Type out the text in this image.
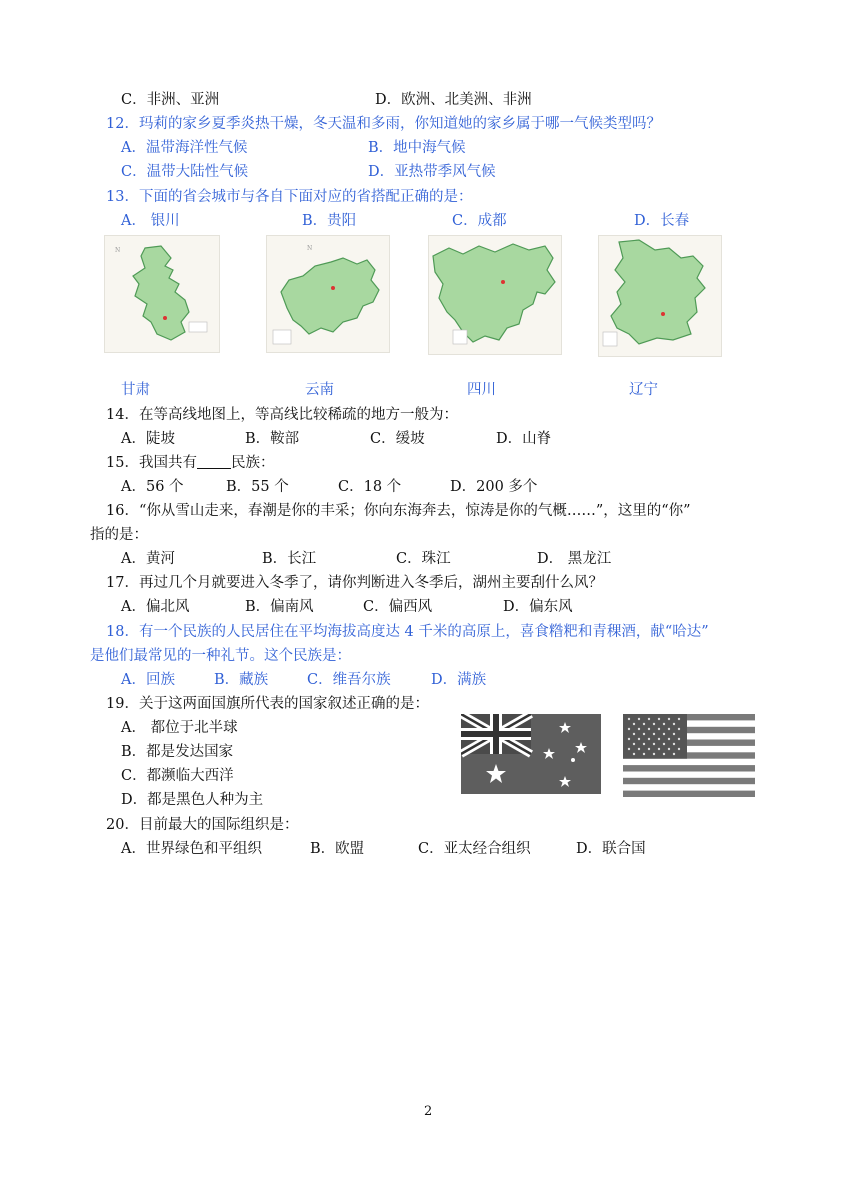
C．非洲、亚洲	D．欧洲、北美洲、非洲
12．玛莉的家乡夏季炎热干燥，冬天温和多雨，你知道她的家乡属于哪一气候类型吗？
A．温带海洋性气候	B．地中海气候
C．温带大陆性气候	D．亚热带季风气候
13．下面的省会城市与各自下面对应的省搭配正确的是：
A． 银川	B．贵阳	C．成都	D．长春
N	N
甘肃	云南	四川	辽宁
14．在等高线地图上，等高线比较稀疏的地方一般为：
A．陡坡	B．鞍部	C．缓坡	D．山脊
15．我国共有 民族：
A．56 个	B．55 个	C．18 个	D．200 多个
16．“你从雪山走来，春潮是你的丰采；你向东海奔去，惊涛是你的气概……”，这里的“你”
指的是：
A．黄河	B．长江	C．珠江	D． 黑龙江
17．再过几个月就要进入冬季了，请你判断进入冬季后，湖州主要刮什么风？
A．偏北风	B．偏南风	C．偏西风	D．偏东风
18．有一个民族的人民居住在平均海拔高度达 4 千米的高原上，喜食糌粑和青稞酒，献“哈达”
是他们最常见的一种礼节。这个民族是：
A．回族	B．藏族	C．维吾尔族	D．满族
19．关于这两面国旗所代表的国家叙述正确的是：
A． 都位于北半球
B．都是发达国家
C．都濒临大西洋
D．都是黑色人种为主
20．目前最大的国际组织是：
A．世界绿色和平组织	B．欧盟	C．亚太经合组织	D．联合国
2
